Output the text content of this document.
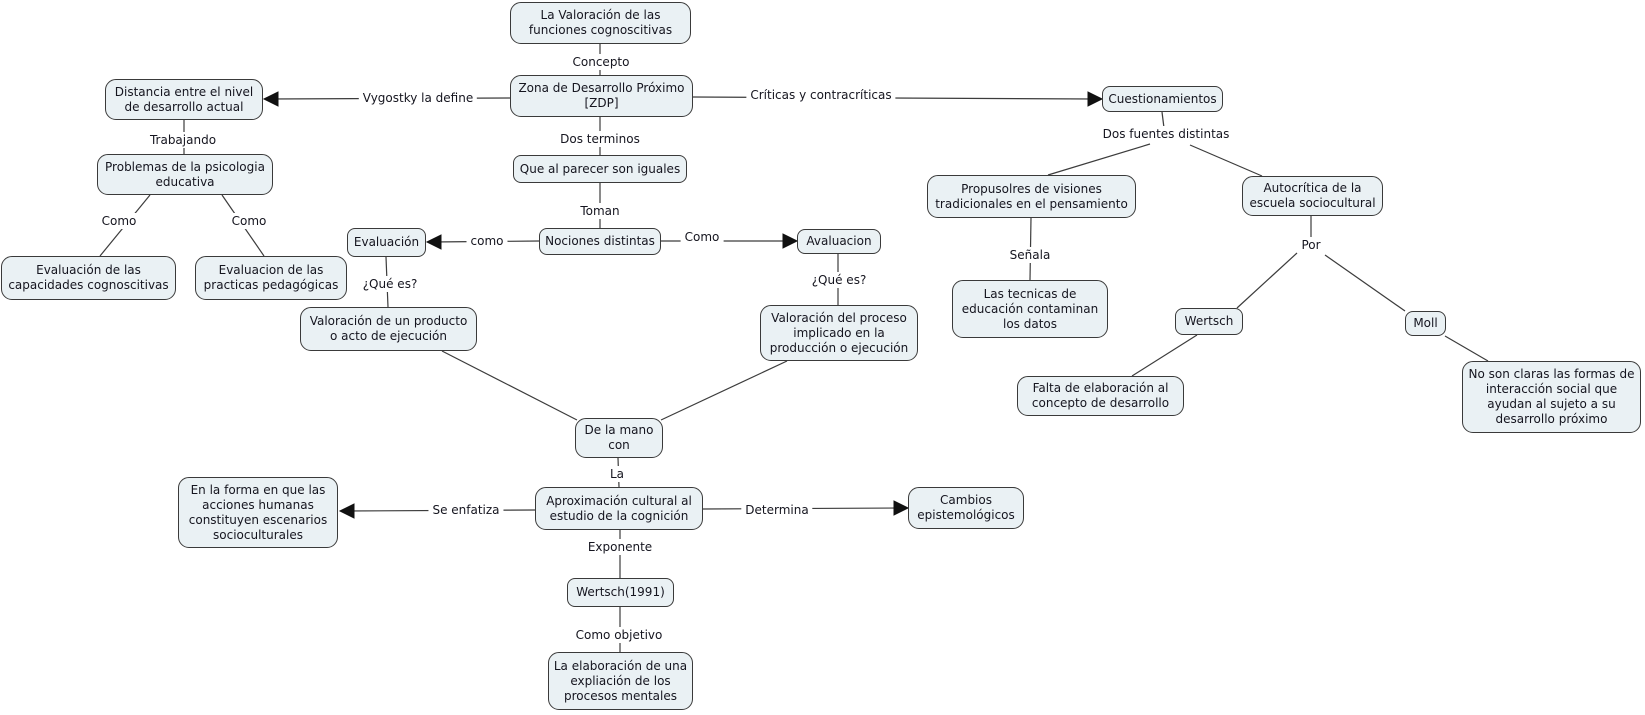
La Valoración de las funciones cognoscitivas
Zona de Desarrollo Próximo [ZDP]
Distancia entre el nivel de desarrollo actual
Problemas de la psicologia educativa
Evaluación de las capacidades cognoscitivas
Evaluacion de las practicas pedagógicas
Que al parecer son iguales
Nociones distintas
Evaluación	Avaluacion
Valoración de un producto o acto de ejecución
Valoración del proceso implicado en la producción o ejecución
De la mano con
Aproximación cultural al estudio de la cognición
En la forma en que las acciones humanas constituyen escenarios socioculturales
Cambios epistemológicos
Wertsch(1991)
La elaboración de una expliación de los procesos mentales
Cuestionamientos
Propusolres de visiones tradicionales en el pensamiento
Autocrítica de la escuela sociocultural
Las tecnicas de educación contaminan los datos	Wertsch	Moll
Falta de elaboración al concepto de desarrollo
No son claras las formas de interacción social que ayudan al sujeto a su desarrollo próximo
Concepto
Vygostky la define
Trabajando
Como	Como
Dos terminos
Toman
como	Como
¿Qué es?	¿Qué es?
La
Se enfatiza	Determina
Exponente
Como objetivo
Críticas y contracríticas
Dos fuentes distintas
Señala
Por
